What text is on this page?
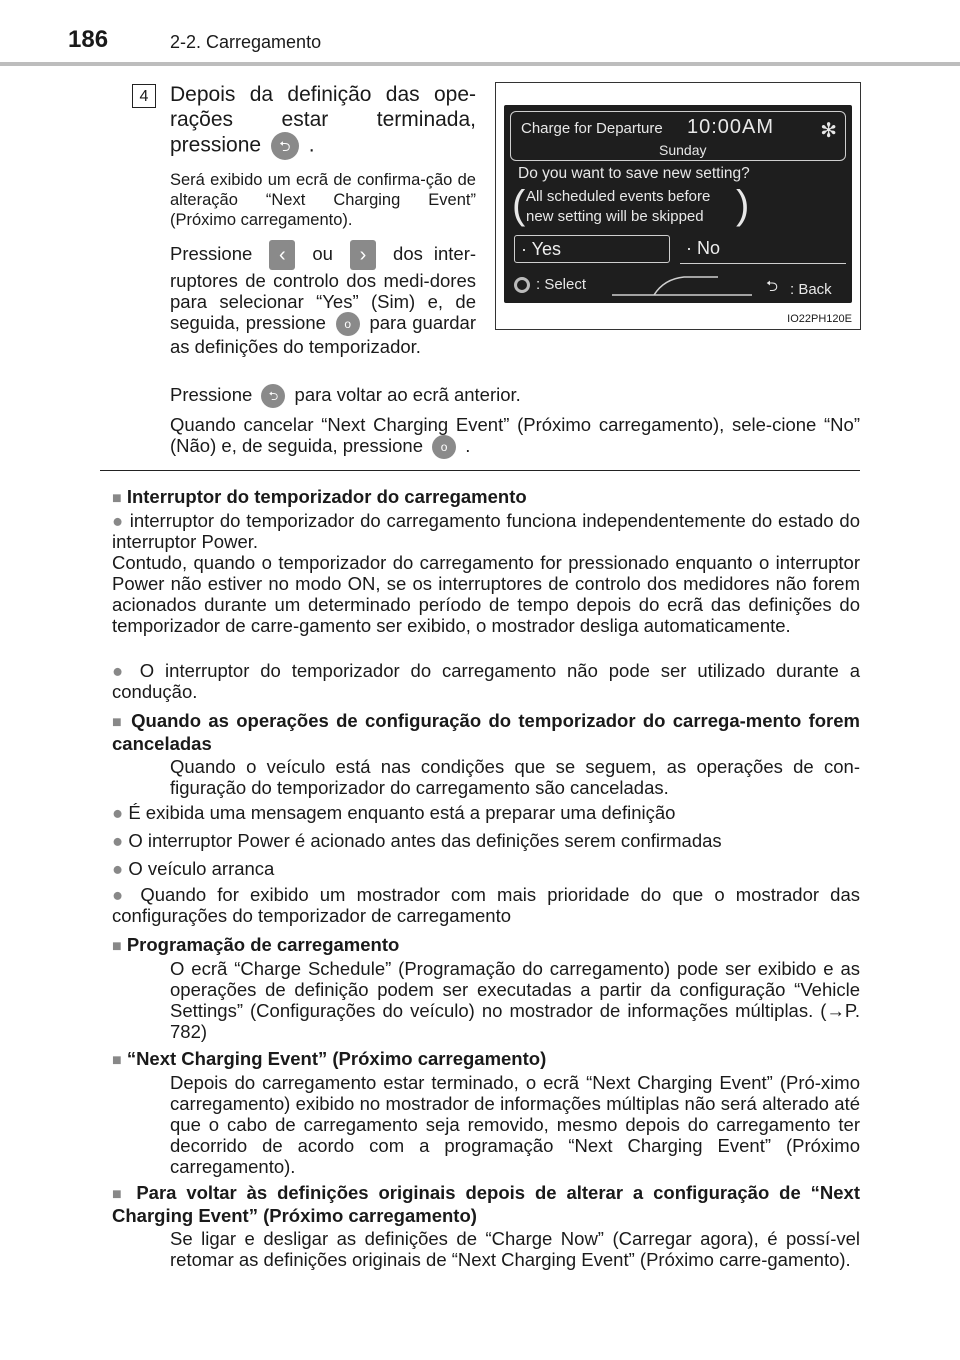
186	2-2. Carregamento
4	Depois da definição das ope-rações estar terminada, pressione ⮌ .
Será exibido um ecrã de confirma-ção de alteração “Next Charging Event” (Próximo carregamento).
Pressione ‹ ou › dos inter-ruptores de controlo dos medi-dores para selecionar “Yes” (Sim) e, de seguida, pressione o para guardar as definições do temporizador.
Pressione ⮌ para voltar ao ecrã anterior.
Quando cancelar “Next Charging Event” (Próximo carregamento), sele-cione “No” (Não) e, de seguida, pressione o .
Charge for Departure 10:00AM
Sunday
✻
Do you want to save new setting?
( All scheduled events before
new setting will be skipped )
· Yes	· No
: Select	⮌ : Back
IO22PH120E
■ Interruptor do temporizador do carregamento
● interruptor do temporizador do carregamento funciona independentemente do estado do interruptor Power.
Contudo, quando o temporizador do carregamento for pressionado enquanto o interruptor Power não estiver no modo ON, se os interruptores de controlo dos medidores não forem acionados durante um determinado período de tempo depois do ecrã das definições do temporizador de carre-gamento ser exibido, o mostrador desliga automaticamente.
● O interruptor do temporizador do carregamento não pode ser utilizado durante a condução.
■ Quando as operações de configuração do temporizador do carrega-mento forem canceladas
Quando o veículo está nas condições que se seguem, as operações de con-figuração do temporizador do carregamento são canceladas.
● É exibida uma mensagem enquanto está a preparar uma definição
● O interruptor Power é acionado antes das definições serem confirmadas
● O veículo arranca
● Quando for exibido um mostrador com mais prioridade do que o mostrador das configurações do temporizador de carregamento
■ Programação de carregamento
O ecrã “Charge Schedule” (Programação do carregamento) pode ser exibido e as operações de definição podem ser executadas a partir da configuração “Vehicle Settings” (Configurações do veículo) no mostrador de informações múltiplas. (→P. 782)
■ “Next Charging Event” (Próximo carregamento)
Depois do carregamento estar terminado, o ecrã “Next Charging Event” (Pró-ximo carregamento) exibido no mostrador de informações múltiplas não será alterado até que o cabo de carregamento seja removido, mesmo depois do carregamento ter decorrido de acordo com a programação “Next Charging Event” (Próximo carregamento).
■ Para voltar às definições originais depois de alterar a configuração de “Next Charging Event” (Próximo carregamento)
Se ligar e desligar as definições de “Charge Now” (Carregar agora), é possí-vel retomar as definições originais de “Next Charging Event” (Próximo carre-gamento).
